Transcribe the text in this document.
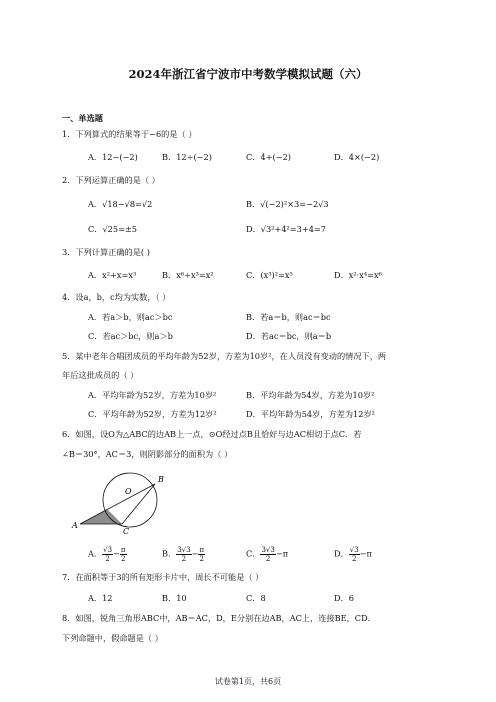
2024年浙江省宁波市中考数学模拟试题（六）
一、单选题
1．下列算式的结果等于−6的是（ ）
A．12−(−2)	B．12÷(−2)	C．4+(−2)	D．4×(−2)
2．下列运算正确的是（ ）
A．√18−√8=√2	B．√(−2)²×3=−2√3
C．√25=±5	D．√3²+4²=3+4=7
3．下列计算正确的是( )
A．x²+x=x³	B．x⁶÷x³=x²	C．(x³)²=x⁵	D．x²·x⁴=x⁶
4．设a，b，c均为实数，（ ）
A．若a＞b，则ac＞bc	B．若a＝b，则ac＝bc
C．若ac＞bc，则a＞b	D．若ac＝bc，则a＝b
5．某中老年合唱团成员的平均年龄为52岁，方差为10岁²，在人员没有变动的情况下，两
年后这批成员的（ ）
A．平均年龄为52岁，方差为10岁²	B．平均年龄为54岁，方差为10岁²
C．平均年龄为52岁，方差为12岁²	D．平均年龄为54岁，方差为12岁²
6．如图，设O为△ABC的边AB上一点，⊙O经过点B且恰好与边AC相切于点C．若
∠B＝30°，AC＝3，则阴影部分的面积为（ ）
O
B
A
C
A． $\frac{√3}{2} - \frac{\pi}{2}$	B． $\frac{3√3}{2} - \frac{\pi}{2}$	C． $\frac{3√3}{2} -\pi$	D． $\frac{√3}{2} -\pi$
7．在面积等于3的所有矩形卡片中，周长不可能是（ ）
A．12	B．10	C．8	D．6
8．如图，锐角三角形ABC中，AB＝AC，D，E分别在边AB，AC上，连接BE，CD．
下列命题中，假命题是（ ）
试卷第1页，共6页
